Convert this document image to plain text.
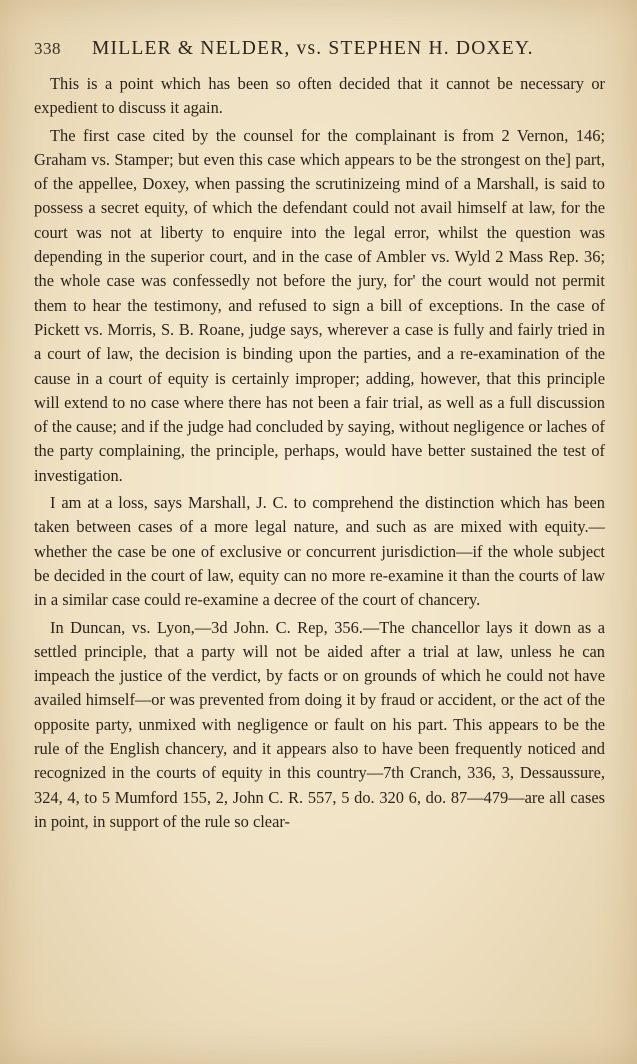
338	MILLER & NELDER, vs. STEPHEN H. DOXEY.

This is a point which has been so often decided that it cannot be necessary or expedient to discuss it again.

The first case cited by the counsel for the complainant is from 2 Vernon, 146; Graham vs. Stamper; but even this case which appears to be the strongest on the] part, of the appellee, Doxey, when passing the scrutinizeing mind of a Marshall, is said to possess a secret equity, of which the defendant could not avail himself at law, for the court was not at liberty to enquire into the legal error, whilst the question was depending in the superior court, and in the case of Ambler vs. Wyld 2 Mass Rep. 36; the whole case was confessedly not before the jury, for' the court would not permit them to hear the testimony, and refused to sign a bill of exceptions. In the case of Pickett vs. Morris, S. B. Roane, judge says, wherever a case is fully and fairly tried in a court of law, the decision is binding upon the parties, and a re-examination of the cause in a court of equity is certainly improper; adding, however, that this principle will extend to no case where there has not been a fair trial, as well as a full discussion of the cause; and if the judge had concluded by saying, without negligence or laches of the party complaining, the principle, perhaps, would have better sustained the test of investigation.

I am at a loss, says Marshall, J. C. to comprehend the distinction which has been taken between cases of a more legal nature, and such as are mixed with equity.—whether the case be one of exclusive or concurrent jurisdiction—if the whole subject be decided in the court of law, equity can no more re-examine it than the courts of law in a similar case could re-examine a decree of the court of chancery.

In Duncan, vs. Lyon,—3d John. C. Rep, 356.—The chancellor lays it down as a settled principle, that a party will not be aided after a trial at law, unless he can impeach the justice of the verdict, by facts or on grounds of which he could not have availed himself—or was prevented from doing it by fraud or accident, or the act of the opposite party, unmixed with negligence or fault on his part. This appears to be the rule of the English chancery, and it appears also to have been frequently noticed and recognized in the courts of equity in this country—7th Cranch, 336, 3, Dessaussure, 324, 4, to 5 Mumford 155, 2, John C. R. 557, 5 do. 320 6, do. 87—479—are all cases in point, in support of the rule so clear-
